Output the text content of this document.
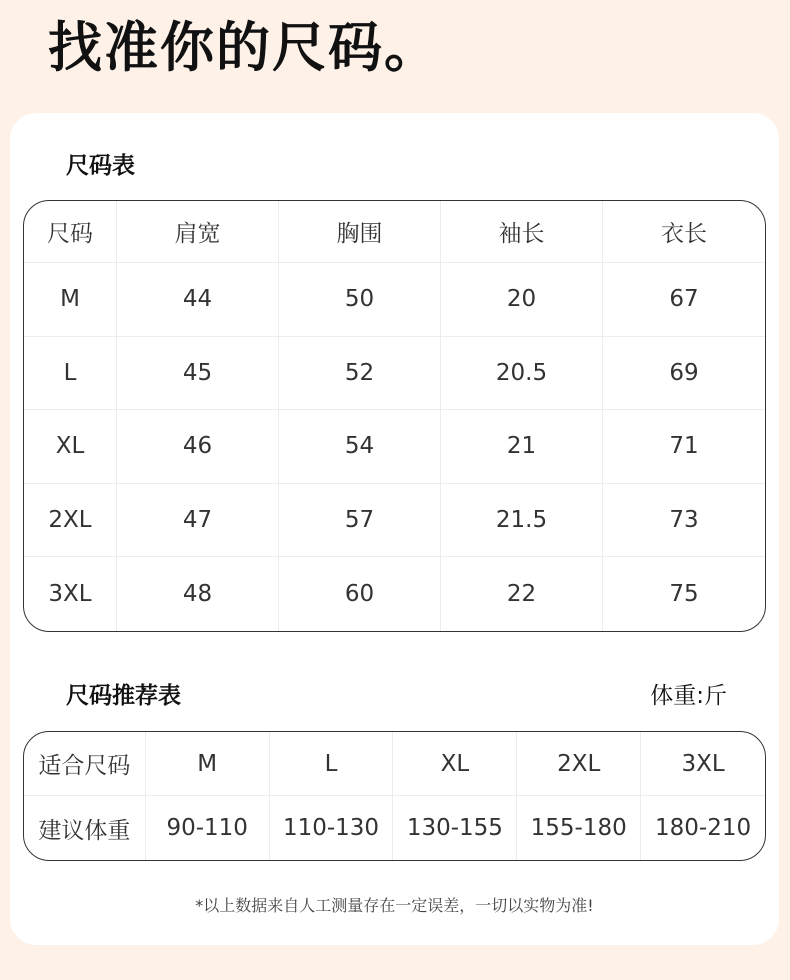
找准你的尺码。
尺码表
尺码	肩宽	胸围	袖长	衣长
M	44	50	20	67
L	45	52	20.5	69
XL	46	54	21	71
2XL	47	57	21.5	73
3XL	48	60	22	75
尺码推荐表	体重:斤
适合尺码	M	L	XL	2XL	3XL
建议体重	90-110	110-130	130-155	155-180	180-210
*以上数据来自人工测量存在一定误差，一切以实物为准!
